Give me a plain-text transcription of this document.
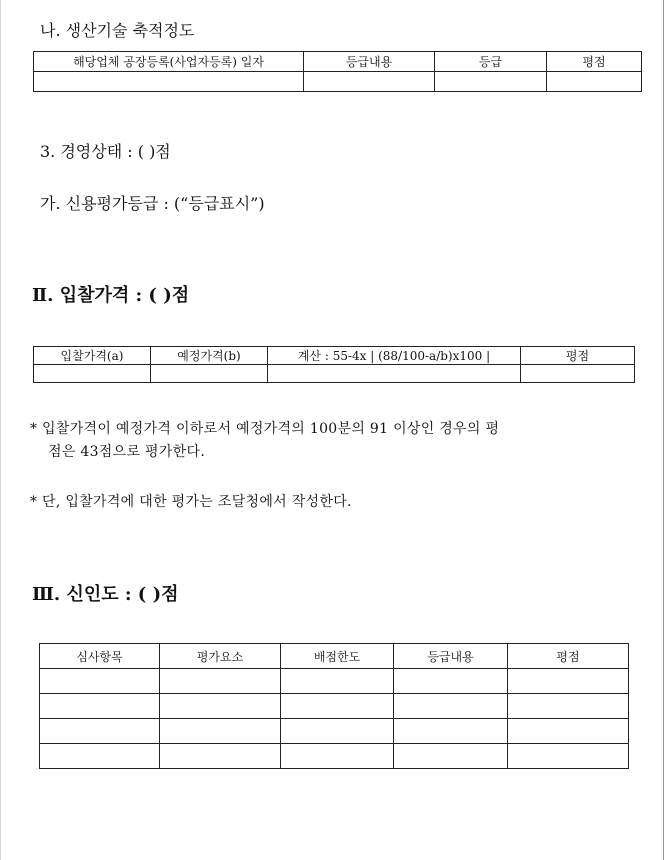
나. 생산기술 축적정도
해당업체 공장등록(사업자등록) 일자	등급내용	등급	평점

3. 경영상태 : ( )점
가. 신용평가등급 : (“등급표시”)
Ⅱ. 입찰가격 : ( )점
입찰가격(a)	예정가격(b)	계산 : 55-4x | (88/100-a/b)x100 |	평점

* 입찰가격이 예정가격 이하로서 예정가격의 100분의 91 이상인 경우의 평
점은 43점으로 평가한다.
* 단, 입찰가격에 대한 평가는 조달청에서 작성한다.
Ⅲ. 신인도 : ( )점
심사항목	평가요소	배점한도	등급내용	평점
